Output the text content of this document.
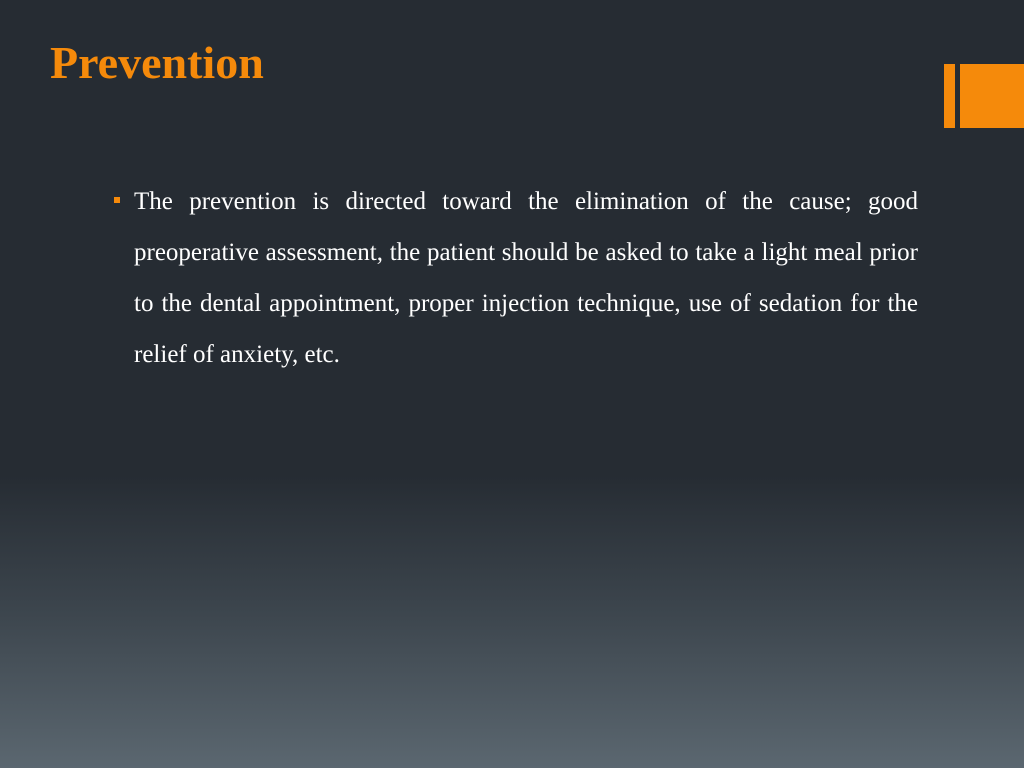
Prevention
The prevention is directed toward the elimination of the cause; good preoperative assessment, the patient should be asked to take a light meal prior to the dental appointment, proper injection technique, use of sedation for the relief of anxiety, etc.
